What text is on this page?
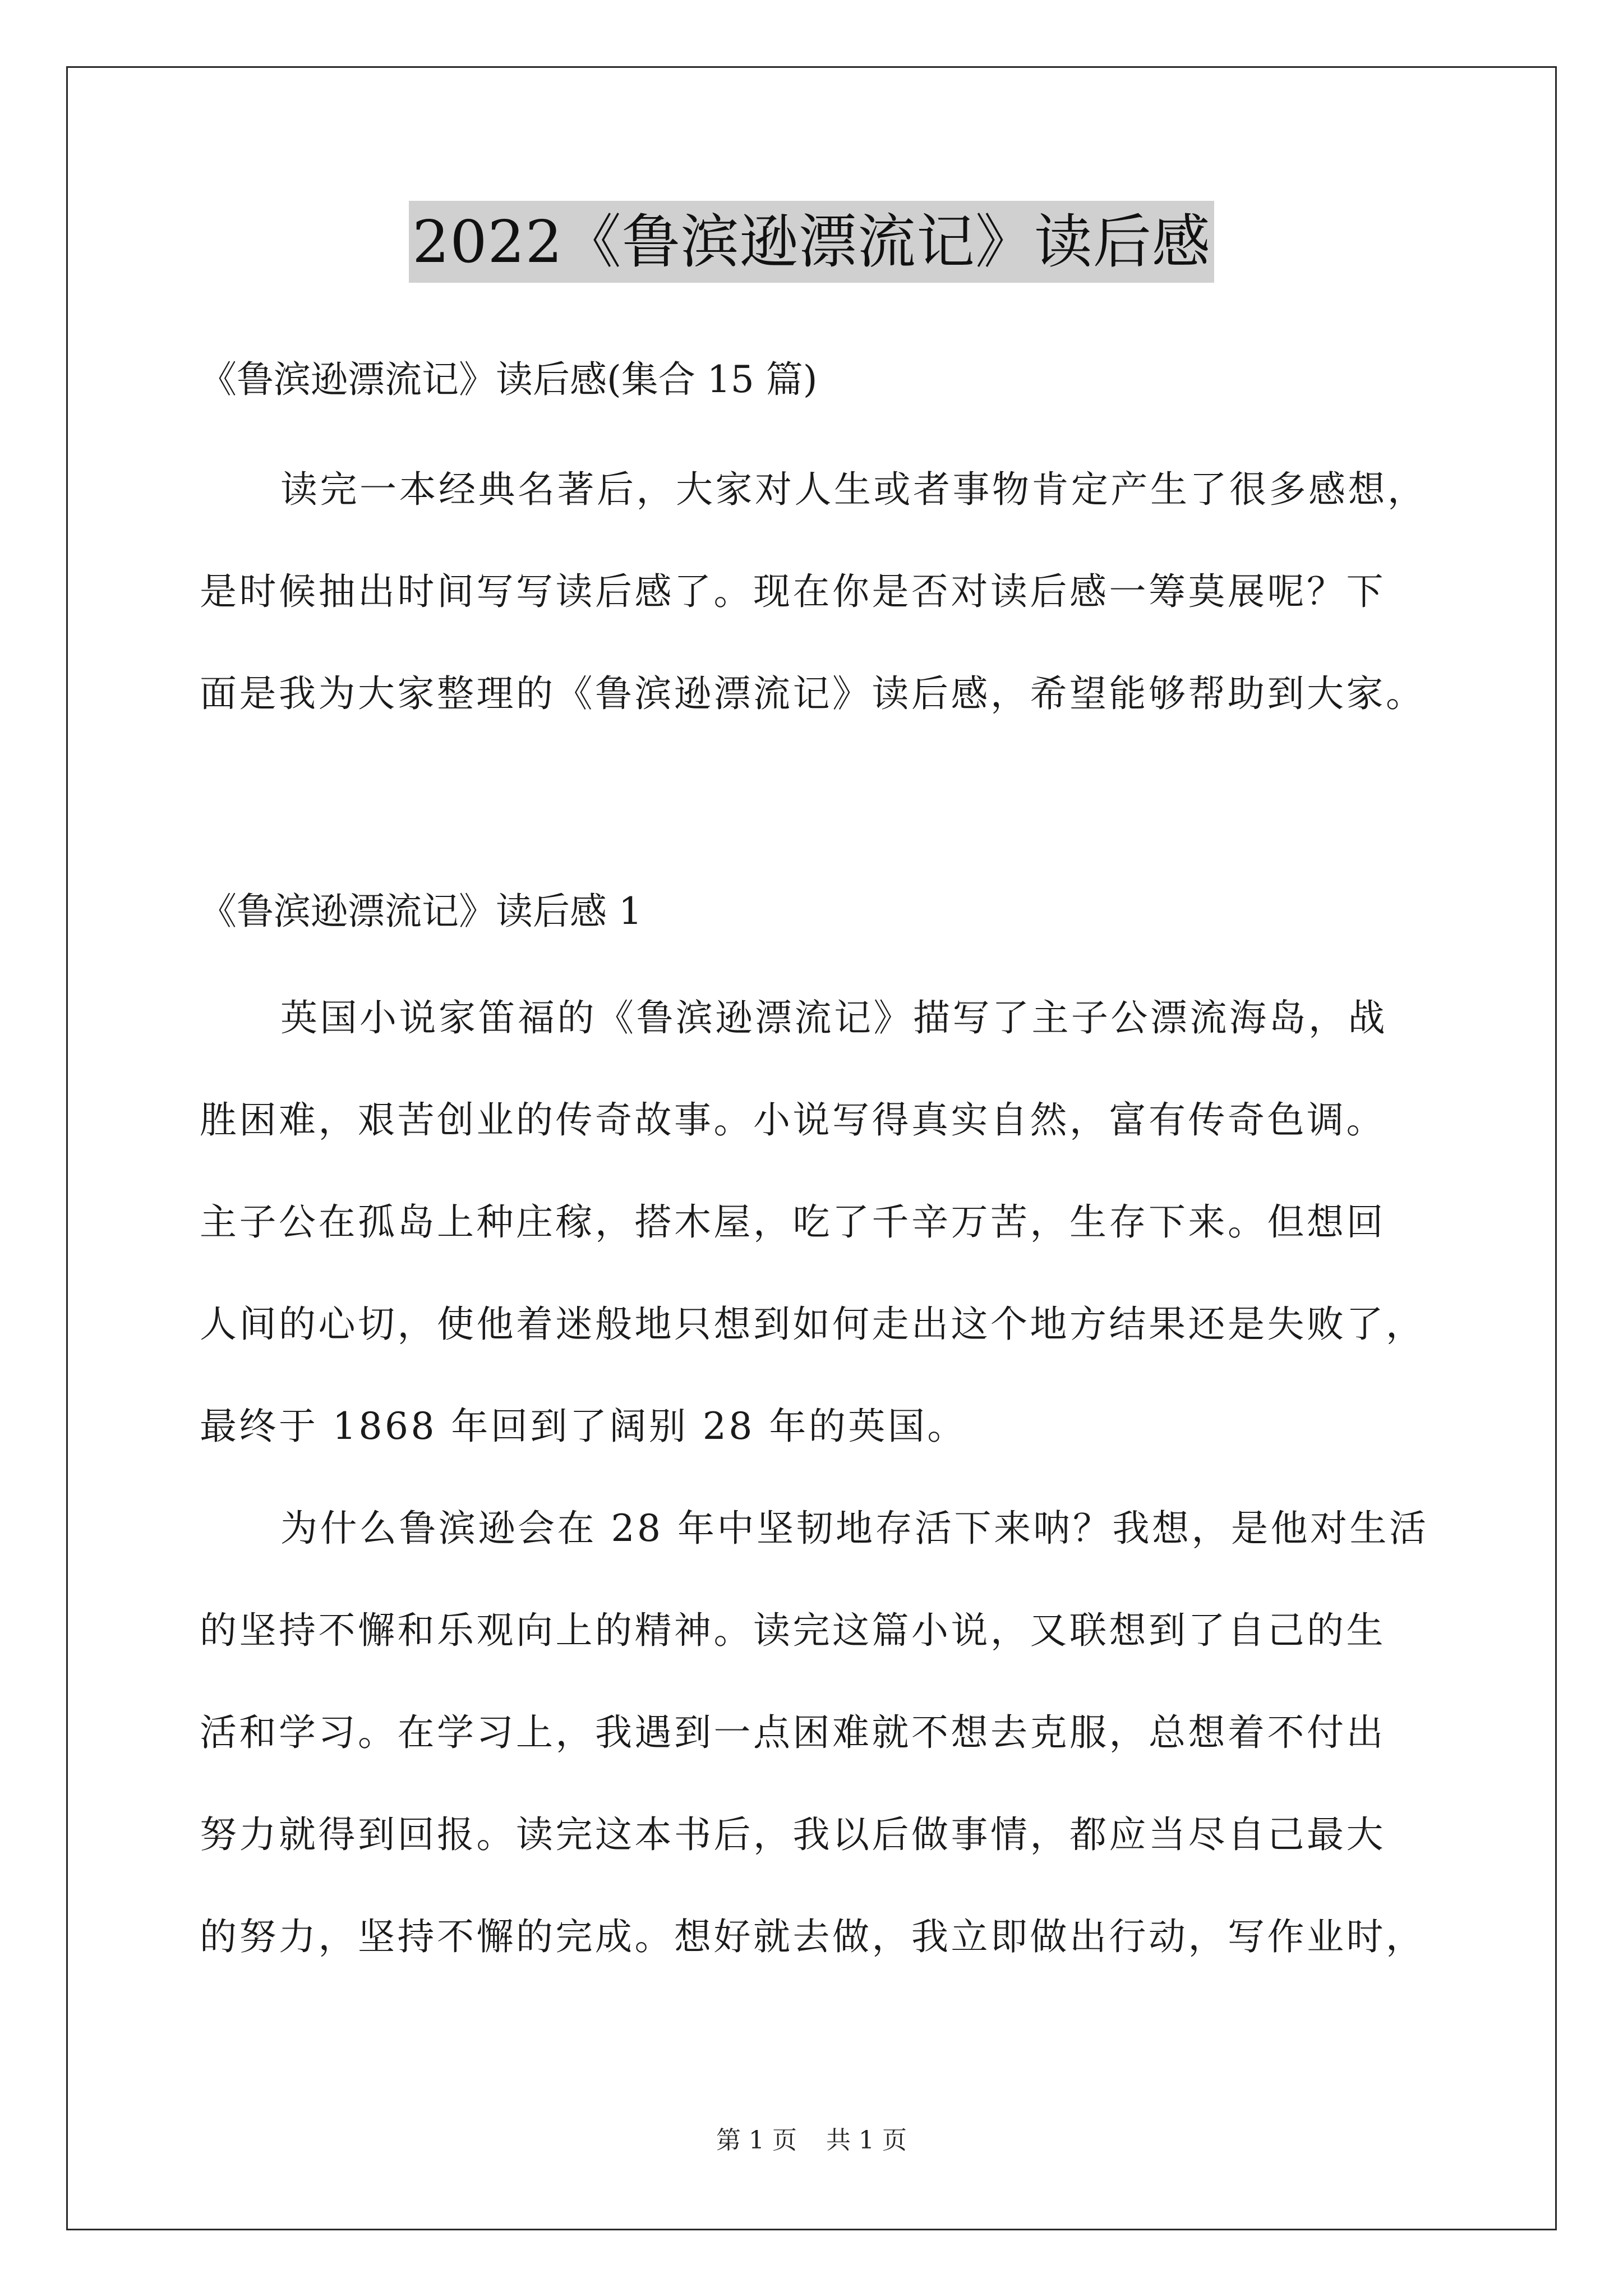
2022《鲁滨逊漂流记》读后感
《鲁滨逊漂流记》读后感(集合 15 篇)
读完一本经典名著后，大家对人生或者事物肯定产生了很多感想，
是时候抽出时间写写读后感了。现在你是否对读后感一筹莫展呢？下
面是我为大家整理的《鲁滨逊漂流记》读后感，希望能够帮助到大家。
《鲁滨逊漂流记》读后感 1
英国小说家笛福的《鲁滨逊漂流记》描写了主子公漂流海岛，战
胜困难，艰苦创业的传奇故事。小说写得真实自然，富有传奇色调。
主子公在孤岛上种庄稼，搭木屋，吃了千辛万苦，生存下来。但想回
人间的心切，使他着迷般地只想到如何走出这个地方结果还是失败了，
最终于 1868 年回到了阔别 28 年的英国。
为什么鲁滨逊会在 28 年中坚韧地存活下来呐？我想，是他对生活
的坚持不懈和乐观向上的精神。读完这篇小说，又联想到了自己的生
活和学习。在学习上，我遇到一点困难就不想去克服，总想着不付出
努力就得到回报。读完这本书后，我以后做事情，都应当尽自己最大
的努力，坚持不懈的完成。想好就去做，我立即做出行动，写作业时，
第 1 页 共 1 页
